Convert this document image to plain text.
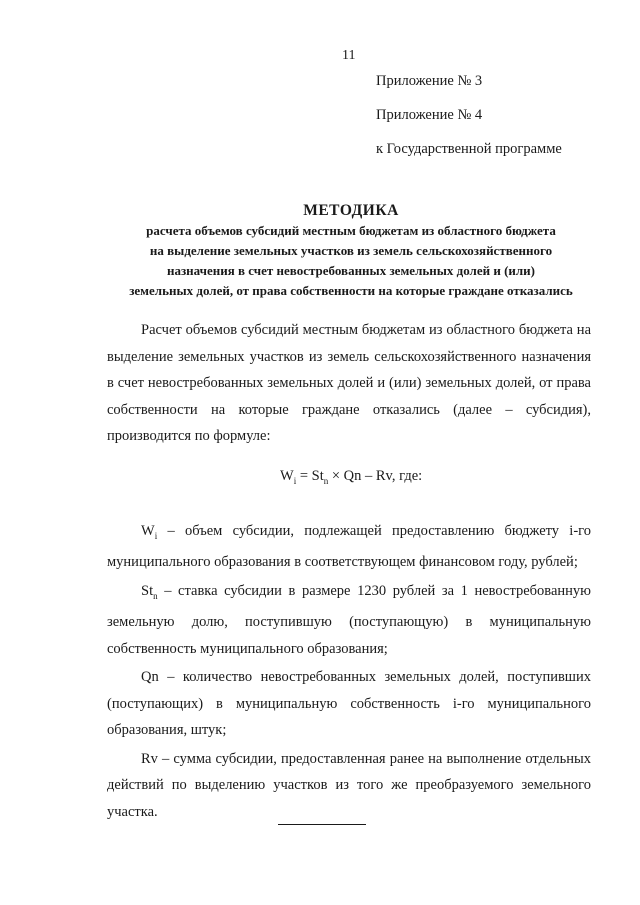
11
Приложение № 3
Приложение № 4
к Государственной программе
МЕТОДИКА
расчета объемов субсидий местным бюджетам из областного бюджета
на выделение земельных участков из земель сельскохозяйственного
назначения в счет невостребованных земельных долей и (или)
земельных долей, от права собственности на которые граждане отказались

Расчет объемов субсидий местным бюджетам из областного бюджета на выделение земельных участков из земель сельскохозяйственного назначения в счет невостребованных земельных долей и (или) земельных долей, от права собственности на которые граждане отказались (далее – субсидия), производится по формуле:

$W_i = St_n \times Qn - Rv$, где:

$W_i$ – объем субсидии, подлежащей предоставлению бюджету i-го муниципального образования в соответствующем финансовом году, рублей;

$St_n$ – ставка субсидии в размере 1230 рублей за 1 невостребованную земельную долю, поступившую (поступающую) в муниципальную собственность муниципального образования;

Qn – количество невостребованных земельных долей, поступивших (поступающих) в муниципальную собственность i-го муниципального образования, штук;

Rv – сумма субсидии, предоставленная ранее на выполнение отдельных действий по выделению участков из того же преобразуемого земельного участка.
